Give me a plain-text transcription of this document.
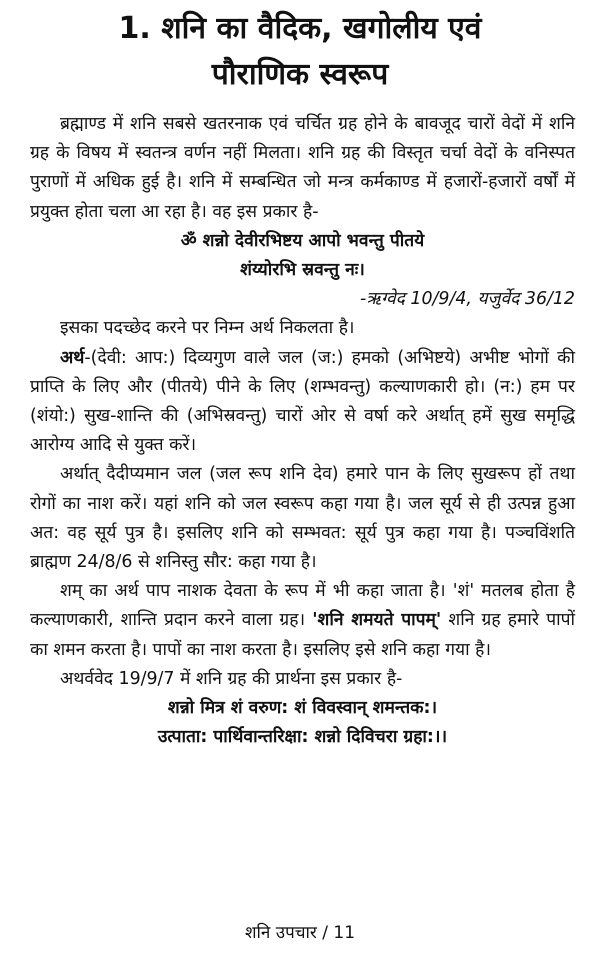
1. शनि का वैदिक, खगोलीय एवं
पौराणिक स्वरूप

ब्रह्माण्ड में शनि सबसे खतरनाक एवं चर्चित ग्रह होने के बावजूद चारों वेदों में शनि ग्रह के विषय में स्वतन्त्र वर्णन नहीं मिलता। शनि ग्रह की विस्तृत चर्चा वेदों के वनिस्पत पुराणों में अधिक हुई है। शनि में सम्बन्धित जो मन्त्र कर्मकाण्ड में हजारों-हजारों वर्षों में प्रयुक्त होता चला आ रहा है। वह इस प्रकार है-

ॐ शन्नो देवीरभिष्टय आपो भवन्तु पीतये

शंय्योरभि स्रवन्तु नः।

-ऋग्वेद 10/9/4, यजुर्वेद 36/12

इसका पदच्छेद करने पर निम्न अर्थ निकलता है।

अर्थ-(देवी: आप:) दिव्यगुण वाले जल (ज:) हमको (अभिष्टये) अभीष्ट भोगों की प्राप्ति के लिए और (पीतये) पीने के लिए (शम्भवन्तु) कल्याणकारी हो। (न:) हम पर (शंयो:) सुख-शान्ति की (अभिस्रवन्तु) चारों ओर से वर्षा करे अर्थात् हमें सुख समृद्धि आरोग्य आदि से युक्त करें।

अर्थात् दैदीप्यमान जल (जल रूप शनि देव) हमारे पान के लिए सुखरूप हों तथा रोगों का नाश करें। यहां शनि को जल स्वरूप कहा गया है। जल सूर्य से ही उत्पन्न हुआ अत: वह सूर्य पुत्र है। इसलिए शनि को सम्भवत: सूर्य पुत्र कहा गया है। पञ्चविंशति ब्राह्मण 24/8/6 से शनिस्तु सौर: कहा गया है।

शम् का अर्थ पाप नाशक देवता के रूप में भी कहा जाता है। 'शं' मतलब होता है कल्याणकारी, शान्ति प्रदान करने वाला ग्रह। 'शनि शमयते पापम्' शनि ग्रह हमारे पापों का शमन करता है। पापों का नाश करता है। इसलिए इसे शनि कहा गया है।

अथर्ववेद 19/9/7 में शनि ग्रह की प्रार्थना इस प्रकार है-

शन्नो मित्र शं वरुण: शं विवस्वान् शमन्तक:।

उत्पाता: पार्थिवान्तरिक्षा: शन्नो दिविचरा ग्रहा:।।

शनि उपचार / 11
